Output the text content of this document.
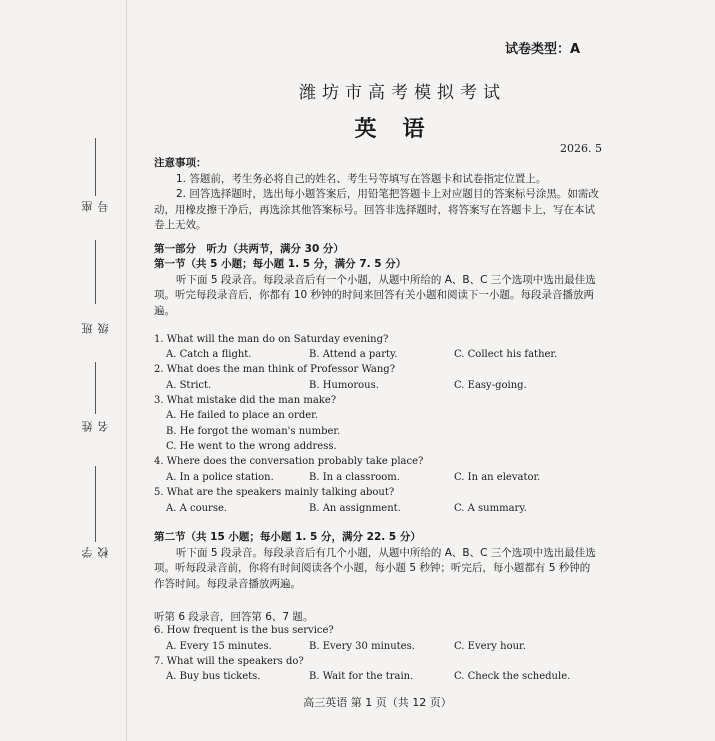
座号
班级
姓名
学校
试卷类型：A
潍坊市高考模拟考试
英语
2026. 5
注意事项：
1. 答题前，考生务必将自己的姓名、考生号等填写在答题卡和试卷指定位置上。
2. 回答选择题时，选出每小题答案后，用铅笔把答题卡上对应题目的答案标号涂黑。如需改动，用橡皮擦干净后，再选涂其他答案标号。回答非选择题时，将答案写在答题卡上，写在本试卷上无效。
第一部分　听力（共两节，满分 30 分）
第一节（共 5 小题；每小题 1. 5 分，满分 7. 5 分）
听下面 5 段录音。每段录音后有一个小题，从题中所给的 A、B、C 三个选项中选出最佳选项。听完每段录音后，你都有 10 秒钟的时间来回答有关小题和阅读下一小题。每段录音播放两遍。
1. What will the man do on Saturday evening?
A. Catch a flight.	B. Attend a party.	C. Collect his father.
2. What does the man think of Professor Wang?
A. Strict.	B. Humorous.	C. Easy-going.
3. What mistake did the man make?
A. He failed to place an order.
B. He forgot the woman's number.
C. He went to the wrong address.
4. Where does the conversation probably take place?
A. In a police station.	B. In a classroom.	C. In an elevator.
5. What are the speakers mainly talking about?
A. A course.	B. An assignment.	C. A summary.
第二节（共 15 小题；每小题 1. 5 分，满分 22. 5 分）
听下面 5 段录音。每段录音后有几个小题，从题中所给的 A、B、C 三个选项中选出最佳选项。听每段录音前，你将有时间阅读各个小题，每小题 5 秒钟；听完后，每小题都有 5 秒钟的作答时间。每段录音播放两遍。
听第 6 段录音，回答第 6、7 题。
6. How frequent is the bus service?
A. Every 15 minutes.	B. Every 30 minutes.	C. Every hour.
7. What will the speakers do?
A. Buy bus tickets.	B. Wait for the train.	C. Check the schedule.
高三英语 第 1 页（共 12 页）
